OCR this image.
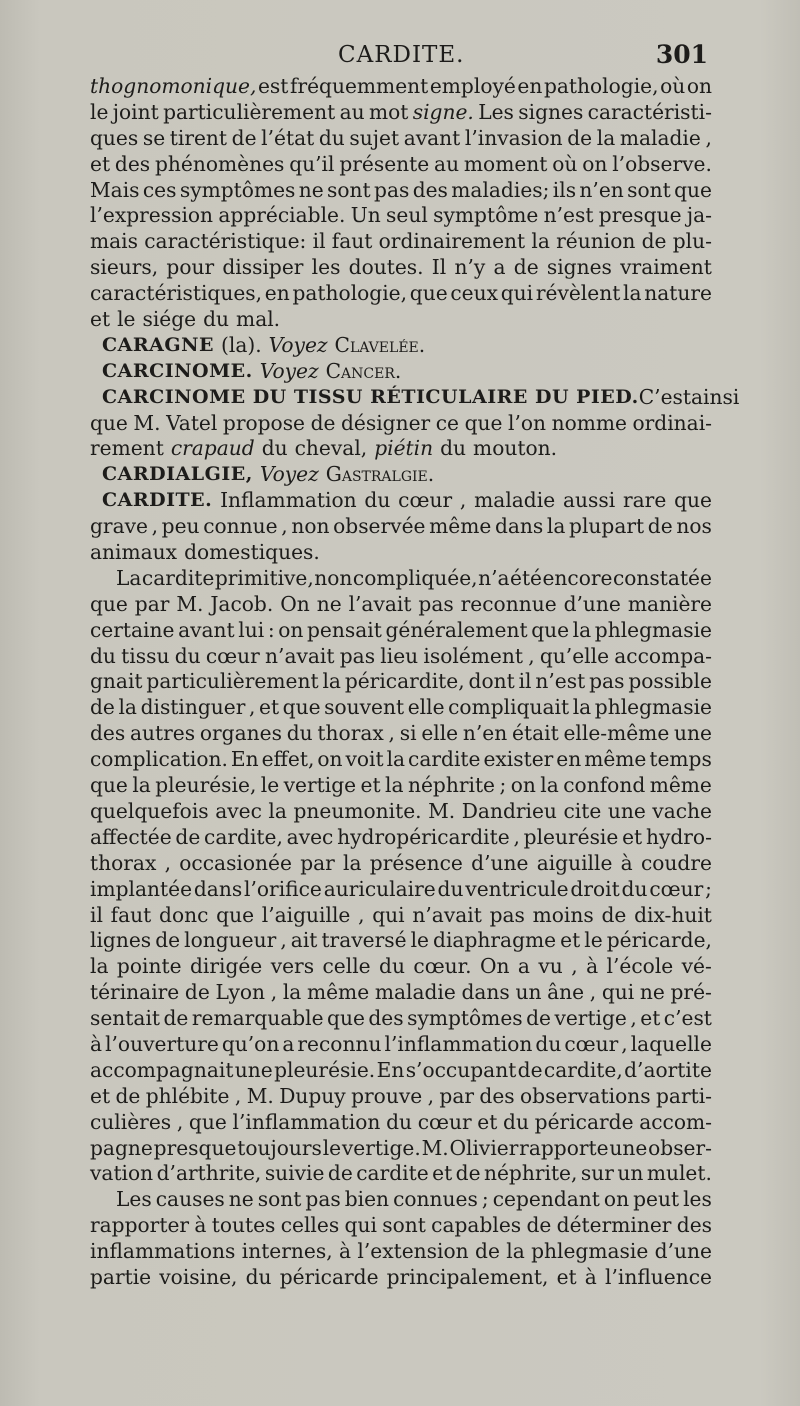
CARDITE.	301
thognomonique, est fréquemment employé en pathologie, où on
le joint particulièrement au mot signe. Les signes caractéristi-
ques se tirent de l’état du sujet avant l’invasion de la maladie ,
et des phénomènes qu’il présente au moment où on l’observe.
Mais ces symptômes ne sont pas des maladies; ils n’en sont que
l’expression appréciable. Un seul symptôme n’est presque ja-
mais caractéristique: il faut ordinairement la réunion de plu-
sieurs, pour dissiper les doutes. Il n’y a de signes vraiment
caractéristiques, en pathologie, que ceux qui révèlent la nature
et le siége du mal.
CARAGNE (la). Voyez Clavelée.
CARCINOME. Voyez Cancer.
CARCINOME DU TISSU RÉTICULAIRE DU PIED. C’est ainsi
que M. Vatel propose de désigner ce que l’on nomme ordinai-
rement crapaud du cheval, piétin du mouton.
CARDIALGIE, Voyez Gastralgie.
CARDITE. Inflammation du cœur , maladie aussi rare que
grave , peu connue , non observée même dans la plupart de nos
animaux domestiques.
La cardite primitive, non compliquée, n’a été encore constatée
que par M. Jacob. On ne l’avait pas reconnue d’une manière
certaine avant lui : on pensait généralement que la phlegmasie
du tissu du cœur n’avait pas lieu isolément , qu’elle accompa-
gnait particulièrement la péricardite, dont il n’est pas possible
de la distinguer , et que souvent elle compliquait la phlegmasie
des autres organes du thorax , si elle n’en était elle-même une
complication. En effet, on voit la cardite exister en même temps
que la pleurésie, le vertige et la néphrite ; on la confond même
quelquefois avec la pneumonite. M. Dandrieu cite une vache
affectée de cardite, avec hydropéricardite , pleurésie et hydro-
thorax , occasionée par la présence d’une aiguille à coudre
implantée dans l’orifice auriculaire du ventricule droit du cœur ;
il faut donc que l’aiguille , qui n’avait pas moins de dix-huit
lignes de longueur , ait traversé le diaphragme et le péricarde,
la pointe dirigée vers celle du cœur. On a vu , à l’école vé-
térinaire de Lyon , la même maladie dans un âne , qui ne pré-
sentait de remarquable que des symptômes de vertige , et c’est
à l’ouverture qu’on a reconnu l’inflammation du cœur , laquelle
accompagnait une pleurésie. En s’occupant de cardite, d’aortite
et de phlébite , M. Dupuy prouve , par des observations parti-
culières , que l’inflammation du cœur et du péricarde accom-
pagne presque toujours le vertige. M. Olivier rapporte une obser-
vation d’arthrite, suivie de cardite et de néphrite, sur un mulet.
Les causes ne sont pas bien connues ; cependant on peut les
rapporter à toutes celles qui sont capables de déterminer des
inflammations internes, à l’extension de la phlegmasie d’une
partie voisine, du péricarde principalement, et à l’influence
